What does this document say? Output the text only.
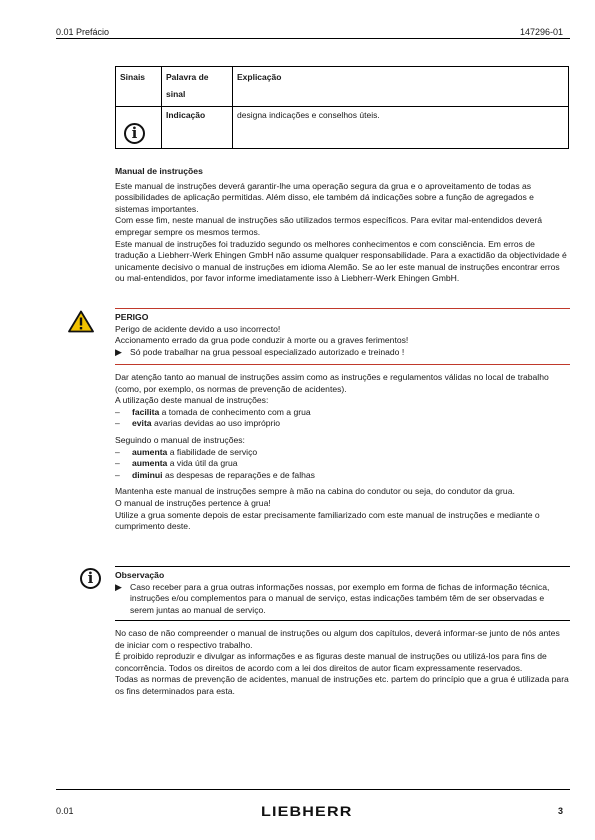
0.01 Prefácio	147296-01
Sinais	Palavra de sinal	Explicação

i	Indicação	designa indicações e conselhos úteis.

Manual de instruções

Este manual de instruções deverá garantir-lhe uma operação segura da grua e o aproveitamento de todas as possibilidades de aplicação permitidas. Além disso, ele também dá indicações sobre a função de agregados e sistemas importantes.

Com esse fim, neste manual de instruções são utilizados termos específicos. Para evitar mal-entendidos deverá empregar sempre os mesmos termos.

Este manual de instruções foi traduzido segundo os melhores conhecimentos e com consciência. Em erros de tradução a Liebherr-Werk Ehingen GmbH não assume qualquer responsabilidade. Para a exactidão da objectividade é unicamente decisivo o manual de instruções em idioma Alemão. Se ao ler este manual de instruções encontrar erros ou mal-entendidos, por favor informe imediatamente isso à Liebherr-Werk Ehingen GmbH.

PERIGO

Perigo de acidente devido a uso incorrecto!

Accionamento errado da grua pode conduzir à morte ou a graves ferimentos!

▶ Só pode trabalhar na grua pessoal especializado autorizado e treinado !

Dar atenção tanto ao manual de instruções assim como as instruções e regulamentos válidas no local de trabalho (como, por exemplo, os normas de prevenção de acidentes).

A utilização deste manual de instruções:

– facilita a tomada de conhecimento com a grua

– evita avarias devidas ao uso impróprio

Seguindo o manual de instruções:

– aumenta a fiabilidade de serviço

– aumenta a vida útil da grua

– diminui as despesas de reparações e de falhas

Mantenha este manual de instruções sempre à mão na cabina do condutor ou seja, do condutor da grua.

O manual de instruções pertence à grua!

Utilize a grua somente depois de estar precisamente familiarizado com este manual de instruções e mediante o cumprimento deste.

i	Observação

▶ Caso receber para a grua outras informações nossas, por exemplo em forma de fichas de informação técnica, instruções e/ou complementos para o manual de serviço, estas indicações também têm de ser observadas e serem juntas ao manual de serviço.

No caso de não compreender o manual de instruções ou algum dos capítulos, deverá informar-se junto de nós antes de iniciar com o respectivo trabalho.

É proibido reproduzir e divulgar as informações e as figuras deste manual de instruções ou utilizá-los para fins de concorrência. Todos os direitos de acordo com a lei dos direitos de autor ficam expressamente reservados.

Todas as normas de prevenção de acidentes, manual de instruções etc. partem do princípio que a grua é utilizada para os fins determinados para esta.

0.01	LIEBHERR	3
